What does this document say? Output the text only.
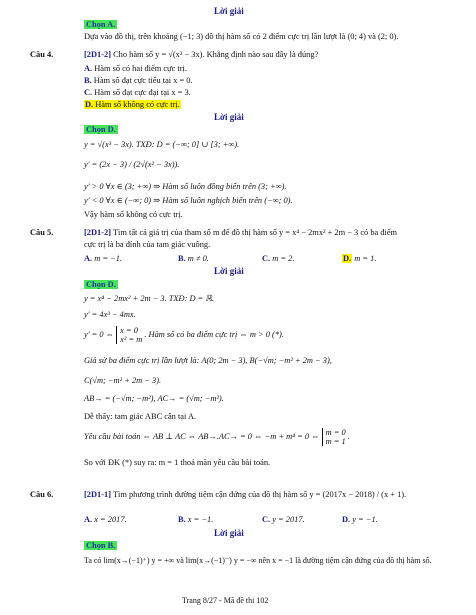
Lời giải
Chọn A.
Dựa vào đồ thị, trên khoảng (−1; 3) đồ thị hàm số có 2 điểm cực trị lần lượt là (0; 4) và (2; 0).
Câu 4.	[2D1-2] Cho hàm số y = √(x³ − 3x). Khẳng định nào sau đây là đúng?
A. Hàm số có hai điểm cực trị.
B. Hàm số đạt cực tiểu tại x = 0.
C. Hàm số đạt cực đại tại x = 3.
D. Hàm số không có cực trị.
Lời giải
Chọn D.
y = √(x³ − 3x). TXĐ: D = (−∞; 0] ∪ [3; +∞).
y′ = (2x − 3) / (2√(x² − 3x)).
y′ > 0 ∀x ∈ (3; +∞) ⇒ Hàm số luôn đồng biến trên (3; +∞).
y′ < 0 ∀x ∈ (−∞; 0) ⇒ Hàm số luôn nghịch biến trên (−∞; 0).
Vậy hàm số không có cực trị.
Câu 5.	[2D1-2] Tìm tất cả giá trị của tham số m để đồ thị hàm số y = x⁴ − 2mx² + 2m − 3 có ba điểm
cực trị là ba đỉnh của tam giác vuông.
A. m = −1.	B. m ≠ 0.	C. m = 2.	D. m = 1.
Lời giải
Chọn D.
y = x⁴ − 2mx² + 2m − 3. TXĐ: D = ℝ.
y′ = 4x³ − 4mx.
y′ = 0 ⇔ x = 0
x² = m . Hàm số có ba điểm cực trị ⇔ m > 0 (*).
Giả sử ba điểm cực trị lần lượt là: A(0; 2m − 3), B(−√m; −m² + 2m − 3),
C(√m; −m² + 2m − 3).
AB→ = (−√m; −m²), AC→ = (√m; −m²).
Dễ thấy: tam giác ABC cân tại A.
Yêu cầu bài toán ⇔ AB ⊥ AC ⇔ AB→.AC→ = 0 ⇔ −m + m⁴ = 0 ⇔ m = 0
m = 1 .
So với ĐK (*) suy ra: m = 1 thoả mãn yêu cầu bài toán.
Câu 6.	[2D1-1] Tìm phương trình đường tiệm cận đứng của đồ thị hàm số y = (2017x − 2018) / (x + 1).
A. x = 2017.	B. x = −1.	C. y = 2017.	D. y = −1.
Lời giải
Chọn B.
Ta có lim(x→(−1)⁺) y = +∞ và lim(x→(−1)⁻) y = −∞ nên x = −1 là đường tiệm cận đứng của đồ thị hàm số.
Trang 8/27 - Mã đề thi 102
